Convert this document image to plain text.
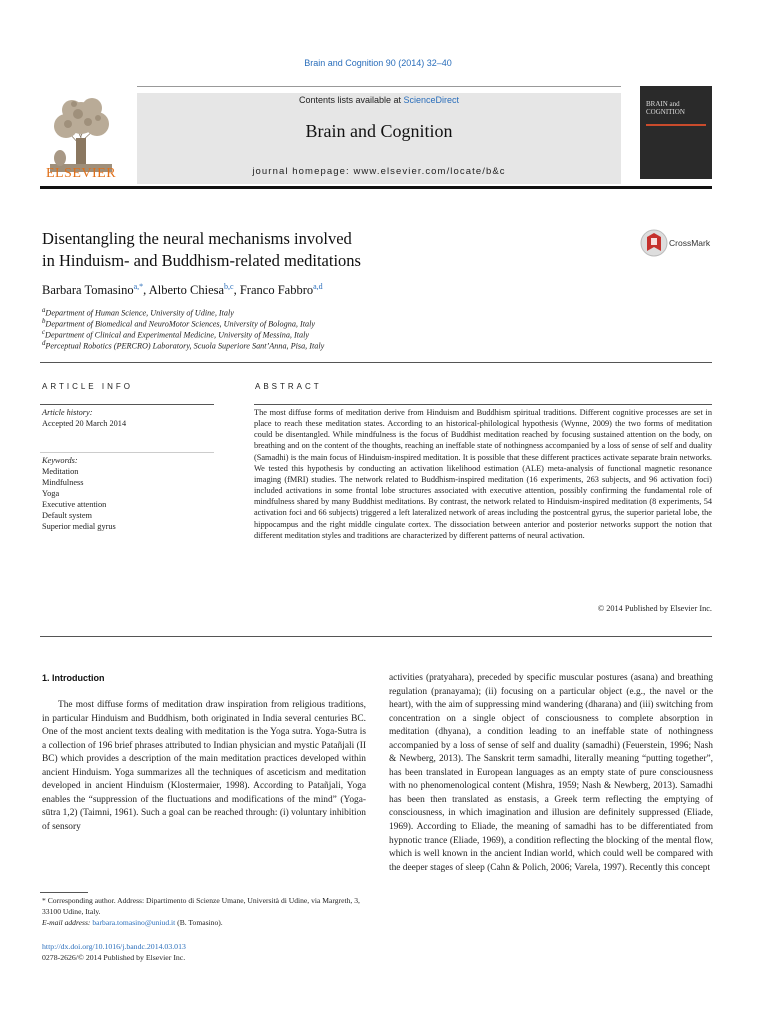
Brain and Cognition 90 (2014) 32–40
ELSEVIER
Contents lists available at ScienceDirect
Brain and Cognition
journal homepage: www.elsevier.com/locate/b&c
BRAIN and
COGNITION
Disentangling the neural mechanisms involved
in Hinduism- and Buddhism-related meditations
CrossMark
Barbara Tomasino$^{a,*}$, Alberto Chiesa$^{b,c}$, Franco Fabbro$^{a,d}$
$^a$Department of Human Science, University of Udine, Italy
$^b$Department of Biomedical and NeuroMotor Sciences, University of Bologna, Italy
$^c$Department of Clinical and Experimental Medicine, University of Messina, Italy
$^d$Perceptual Robotics (PERCRO) Laboratory, Scuola Superiore Sant’Anna, Pisa, Italy
ARTICLE INFO	ABSTRACT
Article history:
Accepted 20 March 2014
Keywords:
Meditation
Mindfulness
Yoga
Executive attention
Default system
Superior medial gyrus
The most diffuse forms of meditation derive from Hinduism and Buddhism spiritual traditions. Different cognitive processes are set in place to reach these meditation states. According to an historical-philological hypothesis (Wynne, 2009) the two forms of meditation could be disentangled. While mindfulness is the focus of Buddhist meditation reached by focusing sustained attention on the body, on breathing and on the content of the thoughts, reaching an ineffable state of nothingness accompanied by a loss of sense of self and duality (Samadhi) is the main focus of Hinduism-inspired meditation. It is possible that these different practices activate separate brain networks. We tested this hypothesis by conducting an activation likelihood estimation (ALE) meta-analysis of functional magnetic resonance imaging (fMRI) studies. The network related to Buddhism-inspired meditation (16 experiments, 263 subjects, and 96 activation foci) included activations in some frontal lobe structures associated with executive attention, possibly confirming the fundamental role of mindfulness shared by many Buddhist meditations. By contrast, the network related to Hinduism-inspired meditation (8 experiments, 54 activation foci and 66 subjects) triggered a left lateralized network of areas including the postcentral gyrus, the superior parietal lobe, the hippocampus and the right middle cingulate cortex. The dissociation between anterior and posterior networks support the notion that different meditation styles and traditions are characterized by different patterns of neural activation.
© 2014 Published by Elsevier Inc.
1. Introduction
The most diffuse forms of meditation draw inspiration from religious traditions, in particular Hinduism and Buddhism, both originated in India several centuries BC. One of the most ancient texts dealing with meditation is the Yoga sutra. Yoga-Sutra is a collection of 196 brief phrases attributed to Indian physician and mystic Patañjali (II BC) which provides a description of the main meditation practices developed within ancient Hinduism. Yoga summarizes all the techniques of asceticism and meditation developed in ancient Hinduism (Klostermaier, 1998). According to Patañjali, Yoga enables the “suppression of the fluctuations and modifications of the mind” (Yoga-sūtra 1,2) (Taimni, 1961). Such a goal can be reached through: (i) voluntary inhibition of sensory
activities (pratyahara), preceded by specific muscular postures (asana) and breathing regulation (pranayama); (ii) focusing on a particular object (e.g., the navel or the heart), with the aim of suppressing mind wandering (dharana) and (iii) switching from concentration on a single object of consciousness to complete absorption in meditation (dhyana), a condition leading to an ineffable state of nothingness accompanied by a loss of sense of self and duality (samadhi) (Feuerstein, 1996; Nash & Newberg, 2013). The Sanskrit term samadhi, literally meaning “putting together”, has been translated in European languages as an empty state of pure consciousness with no phenomenological content (Mishra, 1959; Nash & Newberg, 2013). Samadhi has been then translated as enstasis, a Greek term reflecting the emptying of consciousness, in which imagination and illusion are definitely suppressed (Eliade, 1969). According to Eliade, the meaning of samadhi has to be differentiated from hypnotic trance (Eliade, 1969), a condition reflecting the blocking of the mental flow, which is well known in the ancient Indian world, which could well be compared with the deeper stages of sleep (Cahn & Polich, 2006; Varela, 1997). Recently this concept
* Corresponding author. Address: Dipartimento di Scienze Umane, Università di Udine, via Margreth, 3, 33100 Udine, Italy.
E-mail address: barbara.tomasino@uniud.it (B. Tomasino).
http://dx.doi.org/10.1016/j.bandc.2014.03.013
0278-2626/© 2014 Published by Elsevier Inc.
